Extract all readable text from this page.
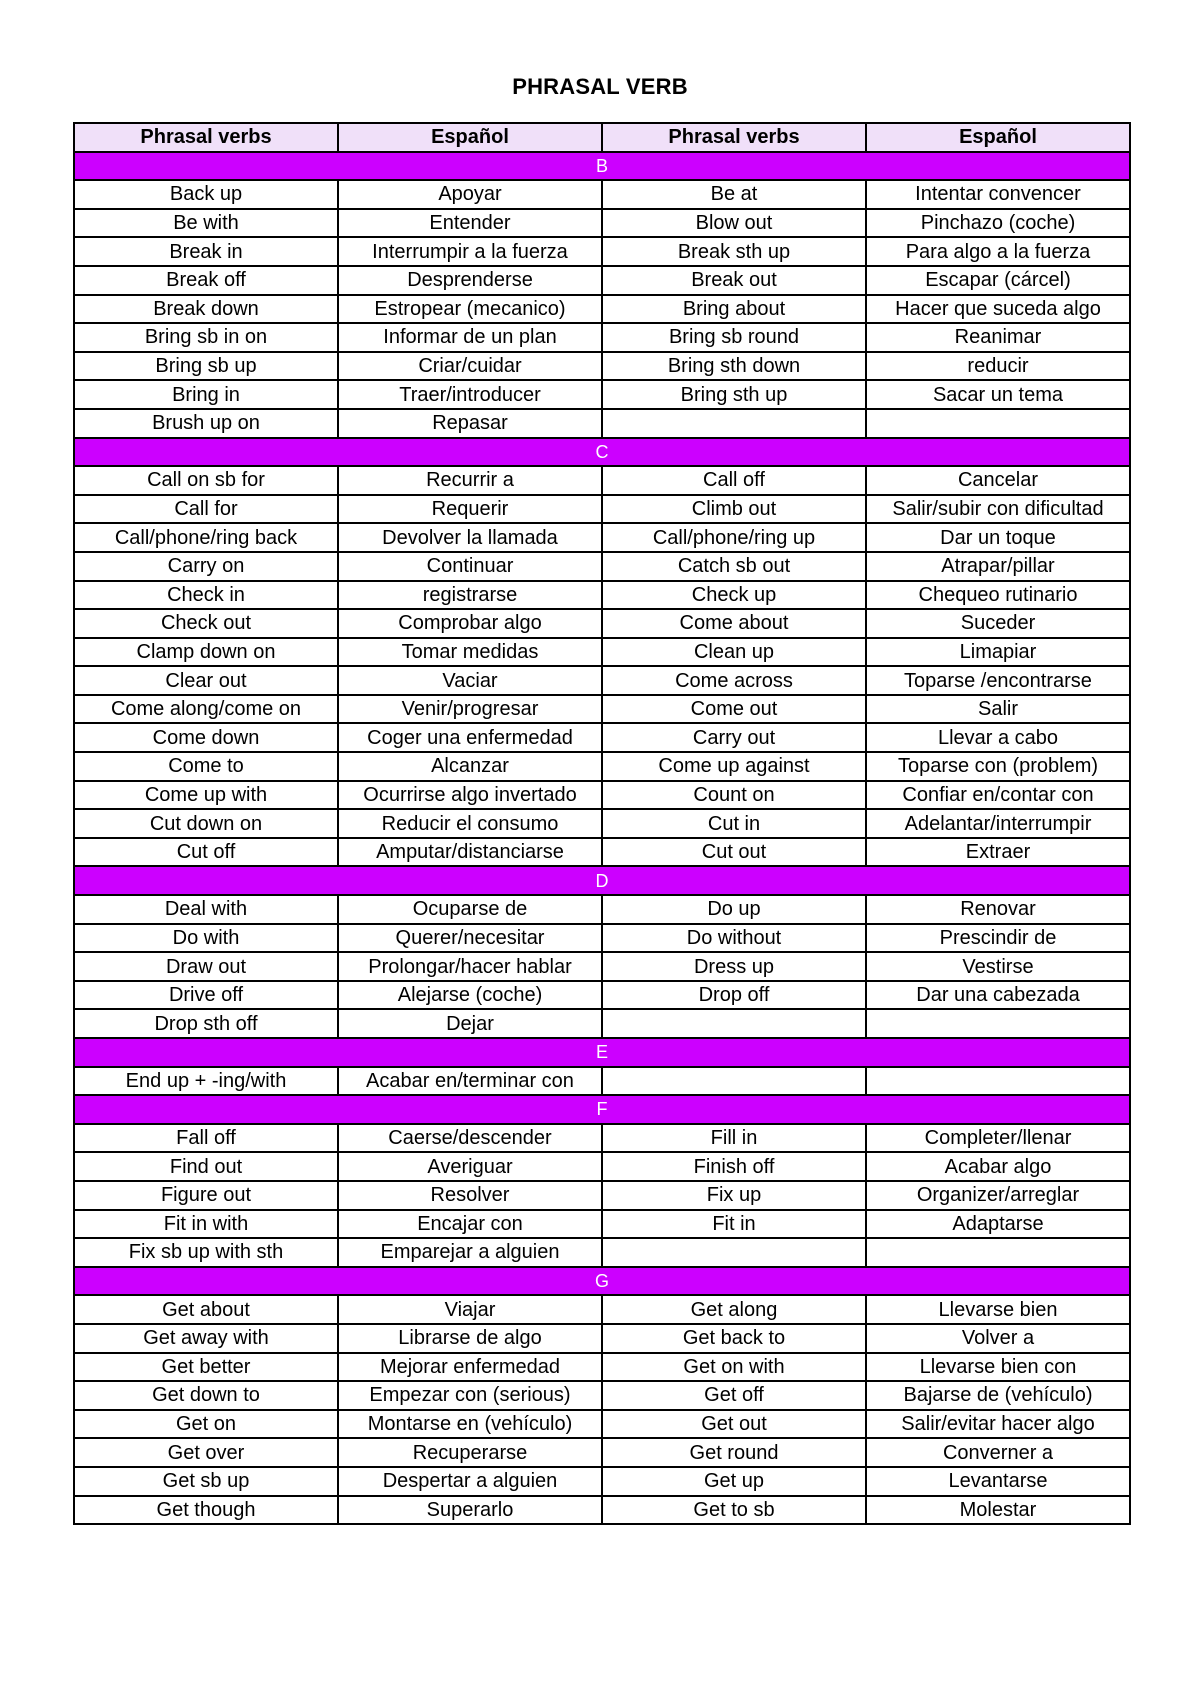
PHRASAL VERB
Phrasal verbs	Español	Phrasal verbs	Español
B			
Back up	Apoyar	Be at	Intentar convencer
Be with	Entender	Blow out	Pinchazo (coche)
Break in	Interrumpir a la fuerza	Break sth up	Para algo a la fuerza
Break off	Desprenderse	Break out	Escapar (cárcel)
Break down	Estropear (mecanico)	Bring about	Hacer que suceda algo
Bring sb in on	Informar de un plan	Bring sb round	Reanimar
Bring sb up	Criar/cuidar	Bring sth down	reducir
Bring in	Traer/introducer	Bring sth up	Sacar un tema
Brush up on	Repasar		
C			
Call on sb for	Recurrir a	Call off	Cancelar
Call for	Requerir	Climb out	Salir/subir con dificultad
Call/phone/ring back	Devolver la llamada	Call/phone/ring up	Dar un toque
Carry on	Continuar	Catch sb out	Atrapar/pillar
Check in	registrarse	Check up	Chequeo rutinario
Check out	Comprobar algo	Come about	Suceder
Clamp down on	Tomar medidas	Clean up	Limapiar
Clear out	Vaciar	Come across	Toparse /encontrarse
Come along/come on	Venir/progresar	Come out	Salir
Come down	Coger una enfermedad	Carry out	Llevar a cabo
Come to	Alcanzar	Come up against	Toparse con (problem)
Come up with	Ocurrirse algo invertado	Count on	Confiar en/contar con
Cut down on	Reducir el consumo	Cut in	Adelantar/interrumpir
Cut off	Amputar/distanciarse	Cut out	Extraer
D			
Deal with	Ocuparse de	Do up	Renovar
Do with	Querer/necesitar	Do without	Prescindir de
Draw out	Prolongar/hacer hablar	Dress up	Vestirse
Drive off	Alejarse (coche)	Drop off	Dar una cabezada
Drop sth off	Dejar		
E			
End up + -ing/with	Acabar en/terminar con		
F			
Fall off	Caerse/descender	Fill in	Completer/llenar
Find out	Averiguar	Finish off	Acabar algo
Figure out	Resolver	Fix up	Organizer/arreglar
Fit in with	Encajar con	Fit in	Adaptarse
Fix sb up with sth	Emparejar a alguien		
G			
Get about	Viajar	Get along	Llevarse bien
Get away with	Librarse de algo	Get back to	Volver a
Get better	Mejorar enfermedad	Get on with	Llevarse bien con
Get down to	Empezar con (serious)	Get off	Bajarse de (vehículo)
Get on	Montarse en (vehículo)	Get out	Salir/evitar hacer algo
Get over	Recuperarse	Get round	Converner a
Get sb up	Despertar a alguien	Get up	Levantarse
Get though	Superarlo	Get to sb	Molestar
